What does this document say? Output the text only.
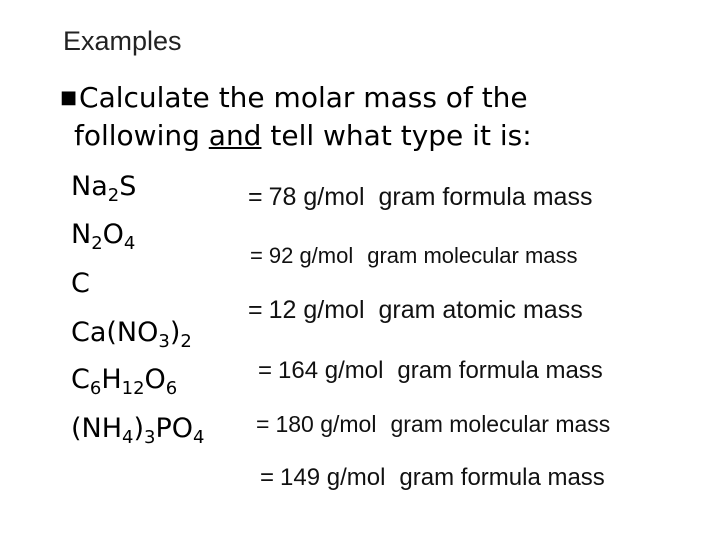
Examples
■Calculate the molar mass of the
following and tell what type it is:
$Na_2S$
$N_2O_4$
C
$Ca(NO_3)_2$
$C_6H_{12}O_6$
$(NH_4)_3PO_4$
= 78 g/mol gram formula mass
= 92 g/mol gram molecular mass
= 12 g/mol gram atomic mass
= 164 g/mol gram formula mass
= 180 g/mol gram molecular mass
= 149 g/mol gram formula mass
